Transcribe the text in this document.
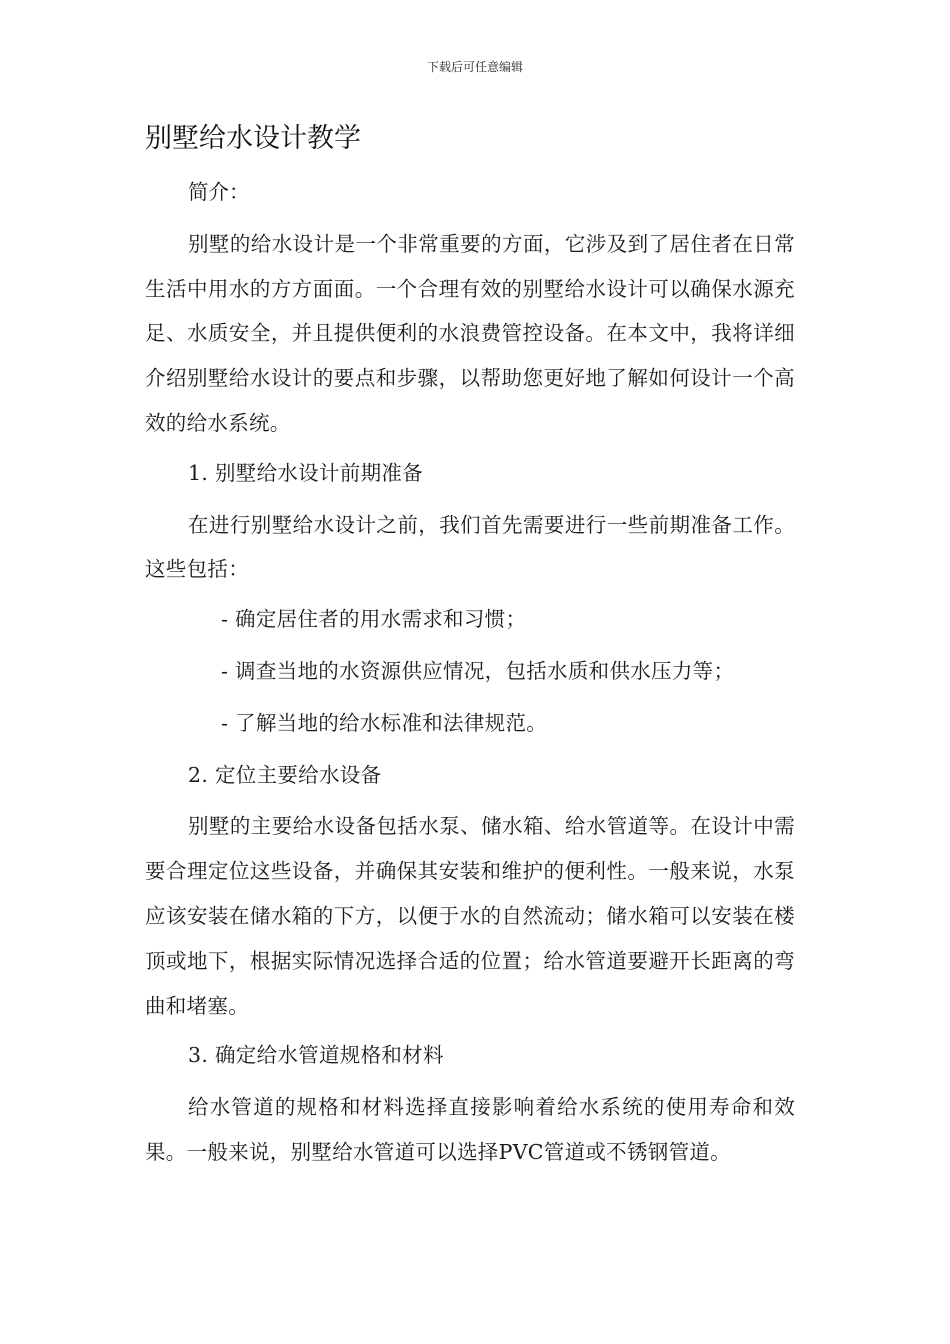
下载后可任意编辑
别墅给水设计教学

简介：

别墅的给水设计是一个非常重要的方面，它涉及到了居住者在日常生活中用水的方方面面。一个合理有效的别墅给水设计可以确保水源充足、水质安全，并且提供便利的水浪费管控设备。在本文中，我将详细介绍别墅给水设计的要点和步骤，以帮助您更好地了解如何设计一个高效的给水系统。

1. 别墅给水设计前期准备

在进行别墅给水设计之前，我们首先需要进行一些前期准备工作。这些包括：

- 确定居住者的用水需求和习惯；

- 调查当地的水资源供应情况，包括水质和供水压力等；

- 了解当地的给水标准和法律规范。

2. 定位主要给水设备

别墅的主要给水设备包括水泵、储水箱、给水管道等。在设计中需要合理定位这些设备，并确保其安装和维护的便利性。一般来说，水泵应该安装在储水箱的下方，以便于水的自然流动；储水箱可以安装在楼顶或地下，根据实际情况选择合适的位置；给水管道要避开长距离的弯曲和堵塞。

3. 确定给水管道规格和材料

给水管道的规格和材料选择直接影响着给水系统的使用寿命和效果。一般来说，别墅给水管道可以选择PVC管道或不锈钢管道。
